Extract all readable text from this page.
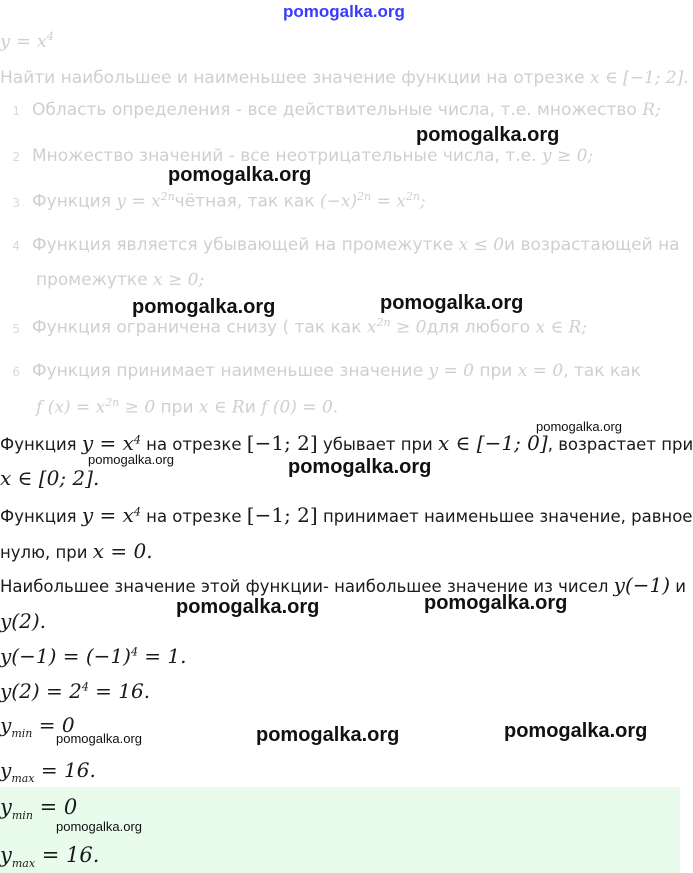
pomogalka.org
$y = x^4$
Найти наибольшее и наименьшее значение функции на отрезке x ∈ [−1; 2].
1 Область определения - все действительные числа, т.е. множество R;
2 Множество значений - все неотрицательные числа, т.е. y ≥ 0;
3 Функция $y = x^{2n}чётная$, так как $(-x)^{2n} = x^{2n}$;
4 Функция является убывающей на промежутке x ≤ 0и возрастающей на
промежутке x ≥ 0;
5 Функция ограничена снизу ( так как $x^{2n} \ge 0для$ любого x ∈ R;
6 Функция принимает наименьшее значение y = 0 при x = 0, так как
f $(x) = x^{2n} \ge 0$ при x ∈ Rи f (0) = 0.
Функция $y = x^4$ на отрезке [−1; 2] убывает при x ∈ [−1; 0], возрастает при
x ∈ [0; 2].
Функция $y = x^4$ на отрезке [−1; 2] принимает наименьшее значение, равное
нулю, при x = 0.
Наибольшее значение этой функции- наибольшее значение из чисел y(−1) и
y(2).
$y(-1) = (-1)^4 = 1$.
$y(2) = 2^4 = 16$.
$y_{min} = 0$
$y_{max} = 16$.
$y_{min} = 0$
$y_{max} = 16$.
pomogalka.org
pomogalka.org
pomogalka.org	pomogalka.org
pomogalka.org
pomogalka.org	pomogalka.org
pomogalka.org	pomogalka.org
pomogalka.org	pomogalka.org	pomogalka.org
pomogalka.org
